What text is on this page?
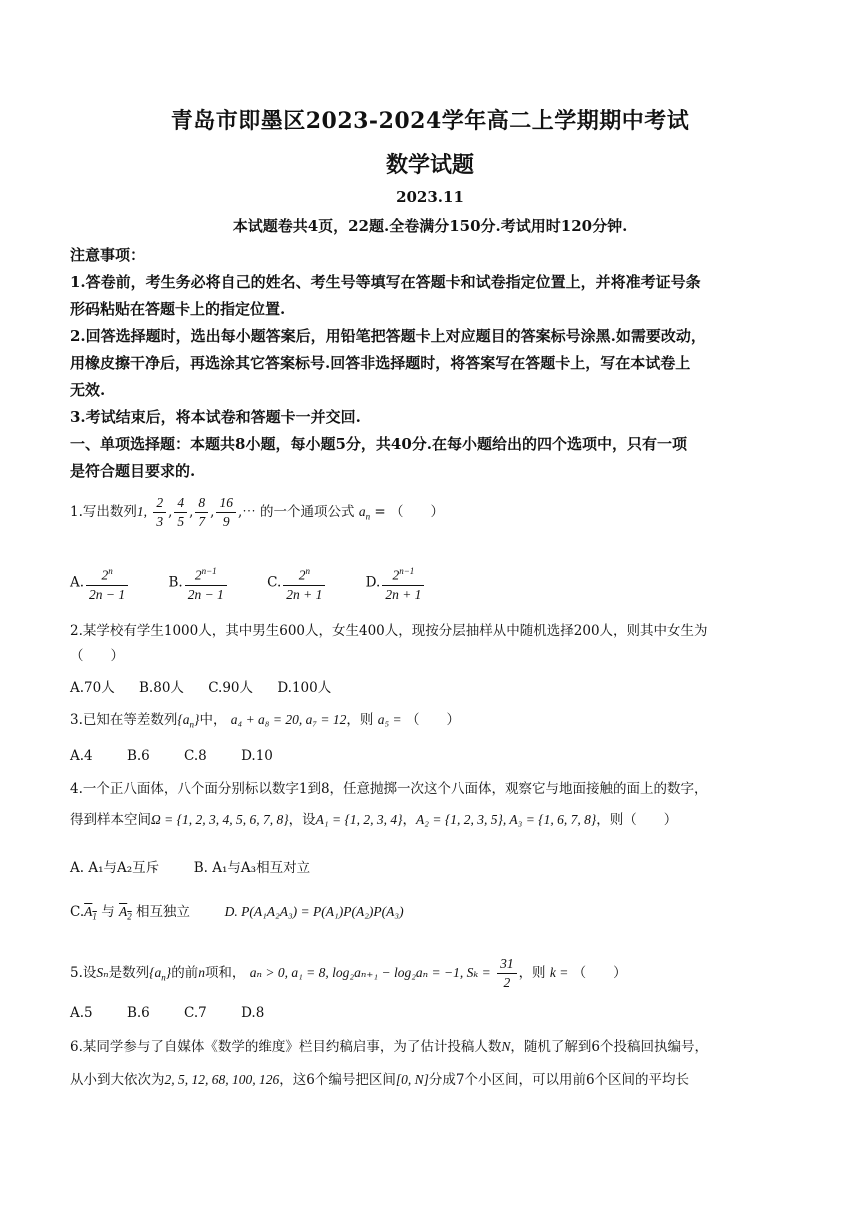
青岛市即墨区2023-2024学年高二上学期期中考试
数学试题
2023.11
本试题卷共4页，22题.全卷满分150分.考试用时120分钟.
注意事项：
1.答卷前，考生务必将自己的姓名、考生号等填写在答题卡和试卷指定位置上，并将准考证号条
形码粘贴在答题卡上的指定位置.
2.回答选择题时，选出每小题答案后，用铅笔把答题卡上对应题目的答案标号涂黑.如需要改动，
用橡皮擦干净后，再选涂其它答案标号.回答非选择题时，将答案写在答题卡上，写在本试卷上
无效.
3.考试结束后，将本试卷和答题卡一并交回.
一、单项选择题：本题共8小题，每小题5分，共40分.在每小题给出的四个选项中，只有一项
是符合题目要求的.
1.写出数列1, $\frac{2}{3}$ , $\frac{4}{5}$ , $\frac{8}{7}$ , $\frac{16}{9}$ ,⋯ 的一个通项公式 $a_n$ = （　　）
A. $\frac{2^n}{2n - 1}$	B. $\frac{2^{n-1}}{2n - 1}$	C. $\frac{2^n}{2n + 1}$	D. $\frac{2^{n-1}}{2n + 1}$
2.某学校有学生1000人，其中男生600人，女生400人，现按分层抽样从中随机选择200人，则其中女生为
（　　）
A.70人 B.80人 C.90人 D.100人
3.已知在等差数列$\{a_n\}$中， a₄ + a₈ = 20, a₇ = 12，则 a₅ = （　　）
A.4	B.6	C.8	D.10
4.一个正八面体，八个面分别标以数字1到8，任意抛掷一次这个八面体，观察它与地面接触的面上的数字，
得到样本空间Ω = {1, 2, 3, 4, 5, 6, 7, 8}，设A₁ = {1, 2, 3, 4}，A₂ = {1, 2, 3, 5}, A₃ = {1, 6, 7, 8}，则（　　）
A. A₁与A₂互斥	B. A₁与A₃相互对立
$C.A_1$ 与 $A_2$ 相互独立	D. P(A₁A₂A₃) = P(A₁)P(A₂)P(A₃)
5.设Sₙ是数列$\{a_n\}$的前n项和， aₙ > 0, a₁ = 8, log₂aₙ₊₁ − log₂aₙ = −1, $S_k = \frac{31}{2}$ ，则 k = （　　）
A.5	B.6	C.7	D.8
6.某同学参与了自媒体《数学的维度》栏目约稿启事，为了估计投稿人数N，随机了解到6个投稿回执编号，
从小到大依次为2, 5, 12, 68, 100, 126，这6个编号把区间[0, N]分成7个小区间，可以用前6个区间的平均长
